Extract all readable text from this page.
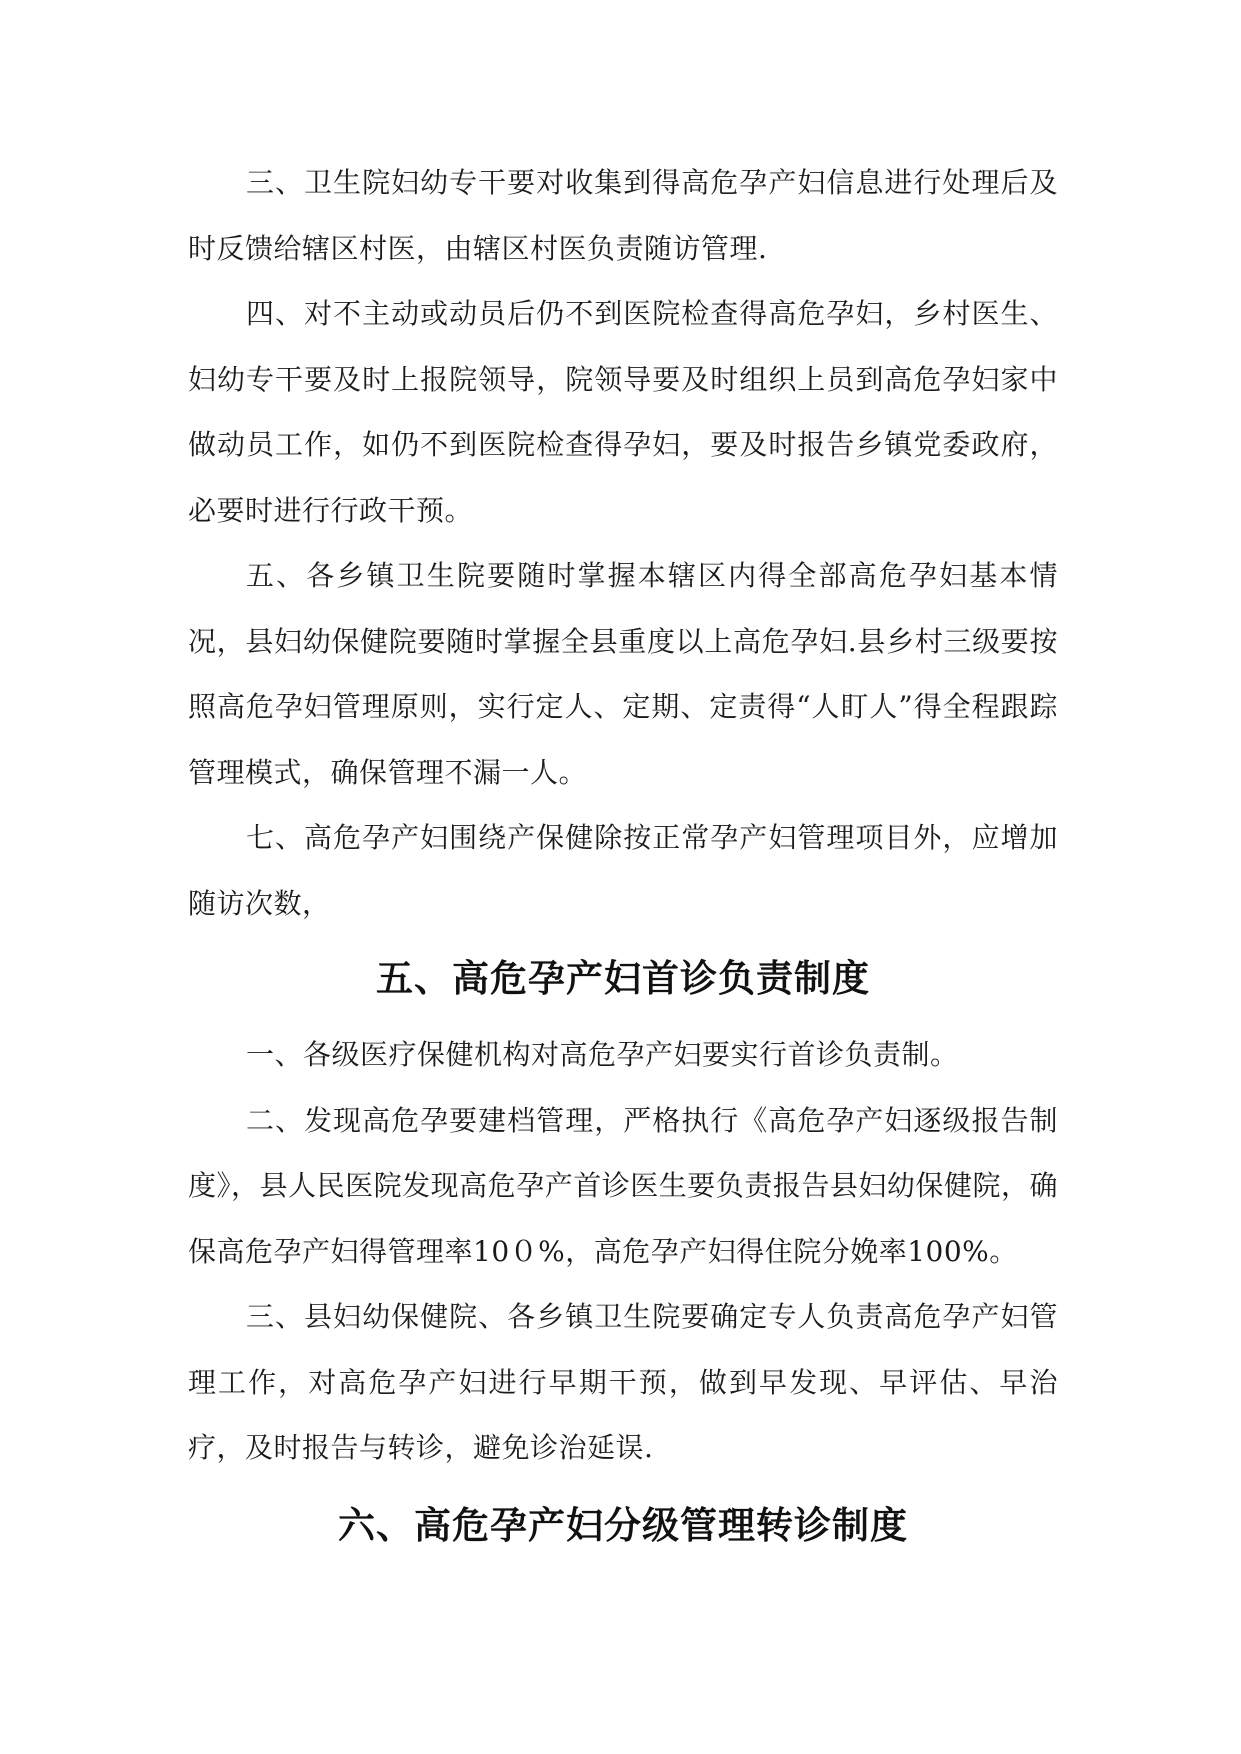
三、卫生院妇幼专干要对收集到得高危孕产妇信息进行处理后及时反馈给辖区村医，由辖区村医负责随访管理.

四、对不主动或动员后仍不到医院检查得高危孕妇，乡村医生、妇幼专干要及时上报院领导，院领导要及时组织上员到高危孕妇家中做动员工作，如仍不到医院检查得孕妇，要及时报告乡镇党委政府，必要时进行行政干预。

五、各乡镇卫生院要随时掌握本辖区内得全部高危孕妇基本情况，县妇幼保健院要随时掌握全县重度以上高危孕妇.县乡村三级要按照高危孕妇管理原则，实行定人、定期、定责得“人盯人”得全程跟踪管理模式，确保管理不漏一人。

七、高危孕产妇围绕产保健除按正常孕产妇管理项目外，应增加随访次数，

五、高危孕产妇首诊负责制度

一、各级医疗保健机构对高危孕产妇要实行首诊负责制。

二、发现高危孕要建档管理，严格执行《高危孕产妇逐级报告制度》，县人民医院发现高危孕产首诊医生要负责报告县妇幼保健院，确保高危孕产妇得管理率10０%，高危孕产妇得住院分娩率100%。

三、县妇幼保健院、各乡镇卫生院要确定专人负责高危孕产妇管理工作，对高危孕产妇进行早期干预，做到早发现、早评估、早治疗，及时报告与转诊，避免诊治延误.

六、高危孕产妇分级管理转诊制度
